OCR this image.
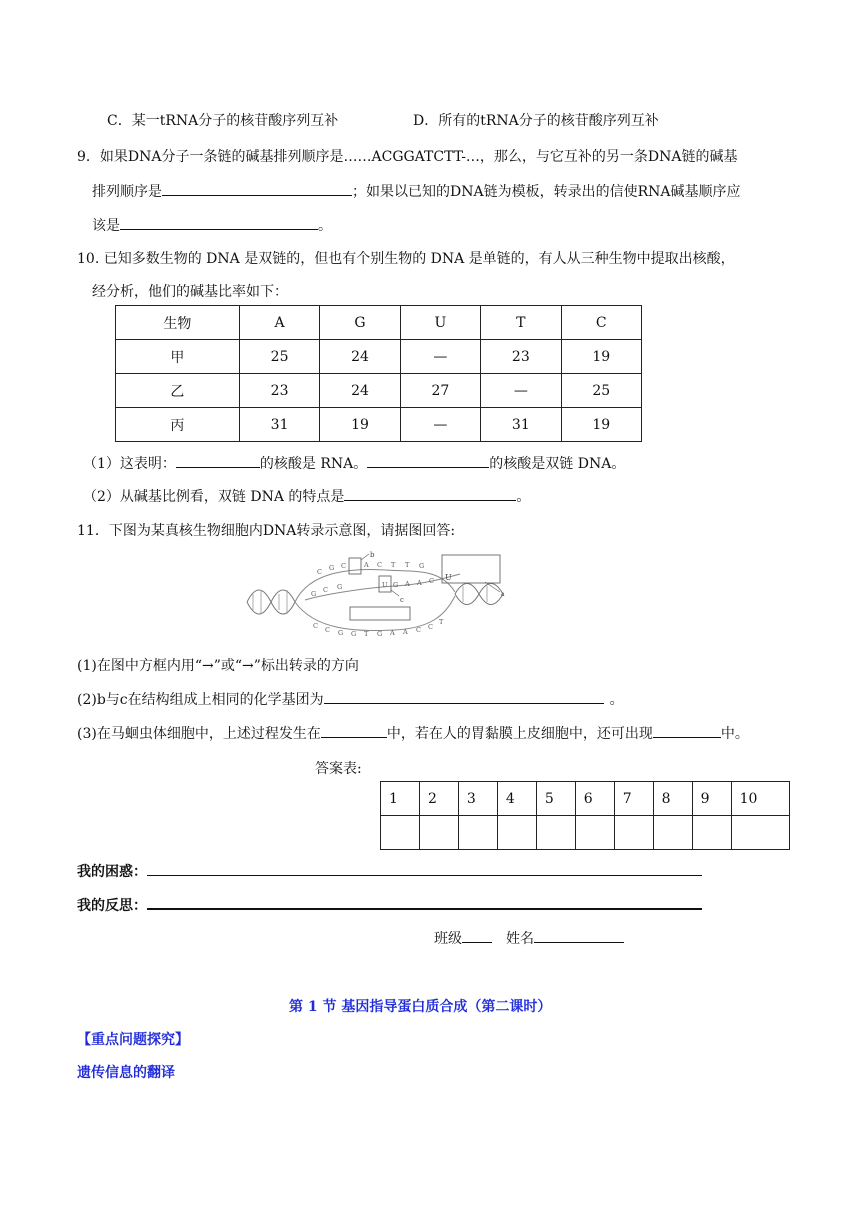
C．某一tRNA分子的核苷酸序列互补	D．所有的tRNA分子的核苷酸序列互补
9．如果DNA分子一条链的碱基排列顺序是……ACGGATCTT-…，那么，与它互补的另一条DNA链的碱基
排列顺序是	；如果以已知的DNA链为模板，转录出的信使RNA碱基顺序应
该是	。
10. 已知多数生物的 DNA 是双链的，但也有个别生物的 DNA 是单链的，有人从三种生物中提取出核酸，
经分析，他们的碱基比率如下：
生物	A	G	U	T	C
甲	25	24	—	23	19
乙	23	24	27	—	25
丙	31	19	—	31	19
（1）这表明：	的核酸是 RNA。	的核酸是双链 DNA。
（2）从碱基比例看，双链 DNA 的特点是	。
11．下图为某真核生物细胞内DNA转录示意图，请据图回答:
b
c
U
a
C G C	A C T T G
G C G	U G A A C
C C G G T G A A C C
T
(1)在图中方框内用“→”或“→”标出转录的方向
(2)b与c在结构组成上相同的化学基团为	。
(3)在马蛔虫体细胞中，上述过程发生在	中，若在人的胃黏膜上皮细胞中，还可出现	中。
答案表:
1	2	3	4	5	6	7	8	9	10

我的困惑：
我的反思：
班级	姓名
第 1 节 基因指导蛋白质合成（第二课时）
【重点问题探究】
遗传信息的翻译
